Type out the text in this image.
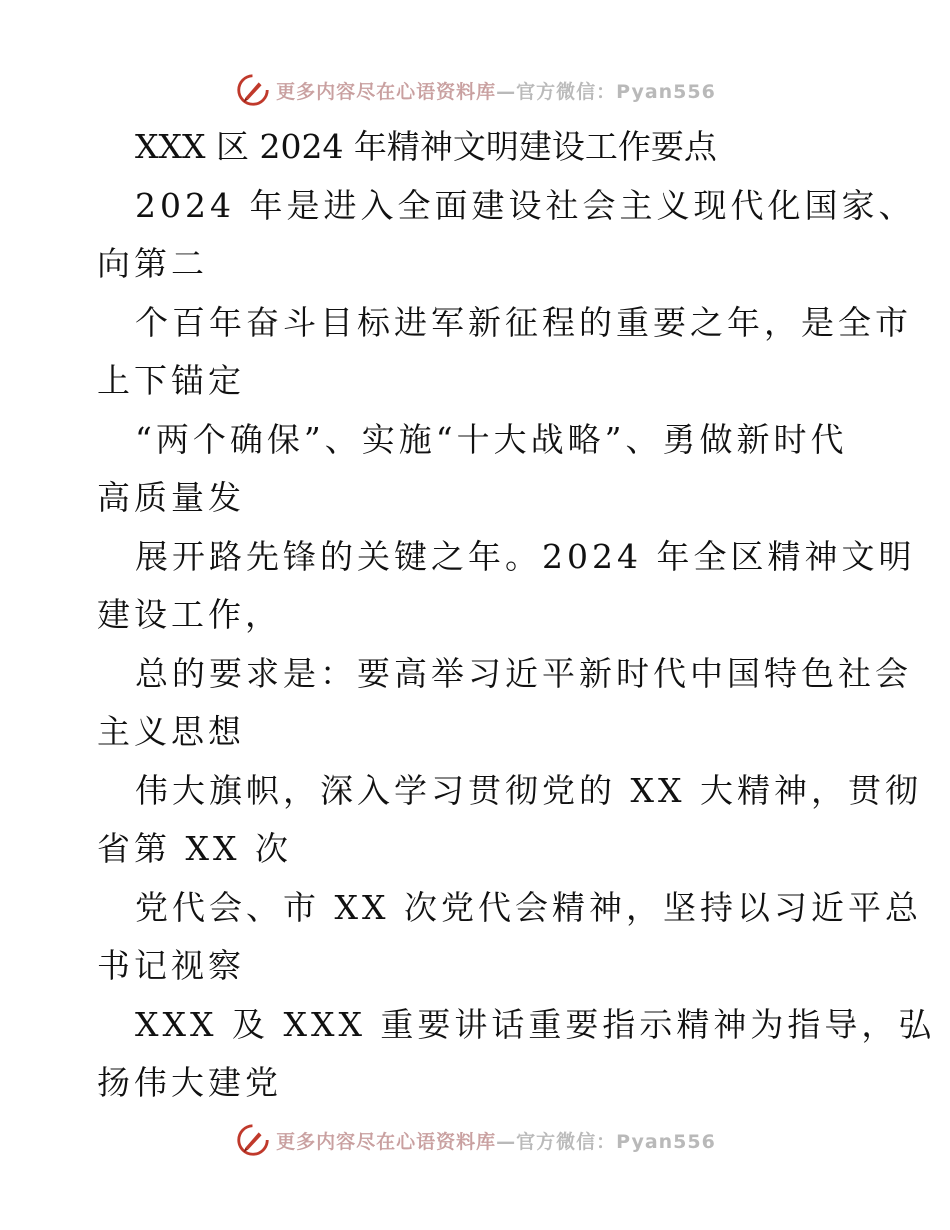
更多内容尽在心语资料库—官方微信：Pyan556
XXX 区 2024 年精神文明建设工作要点
2024 年是进入全面建设社会主义现代化国家、
向第二
个百年奋斗目标进军新征程的重要之年，是全市
上下锚定
“两个确保”、实施“十大战略”、勇做新时代
高质量发
展开路先锋的关键之年。2024 年全区精神文明
建设工作，
总的要求是：要高举习近平新时代中国特色社会
主义思想
伟大旗帜，深入学习贯彻党的 XX 大精神，贯彻
省第 XX 次
党代会、市 XX 次党代会精神，坚持以习近平总
书记视察
XXX 及 XXX 重要讲话重要指示精神为指导，弘
扬伟大建党
更多内容尽在心语资料库—官方微信：Pyan556
